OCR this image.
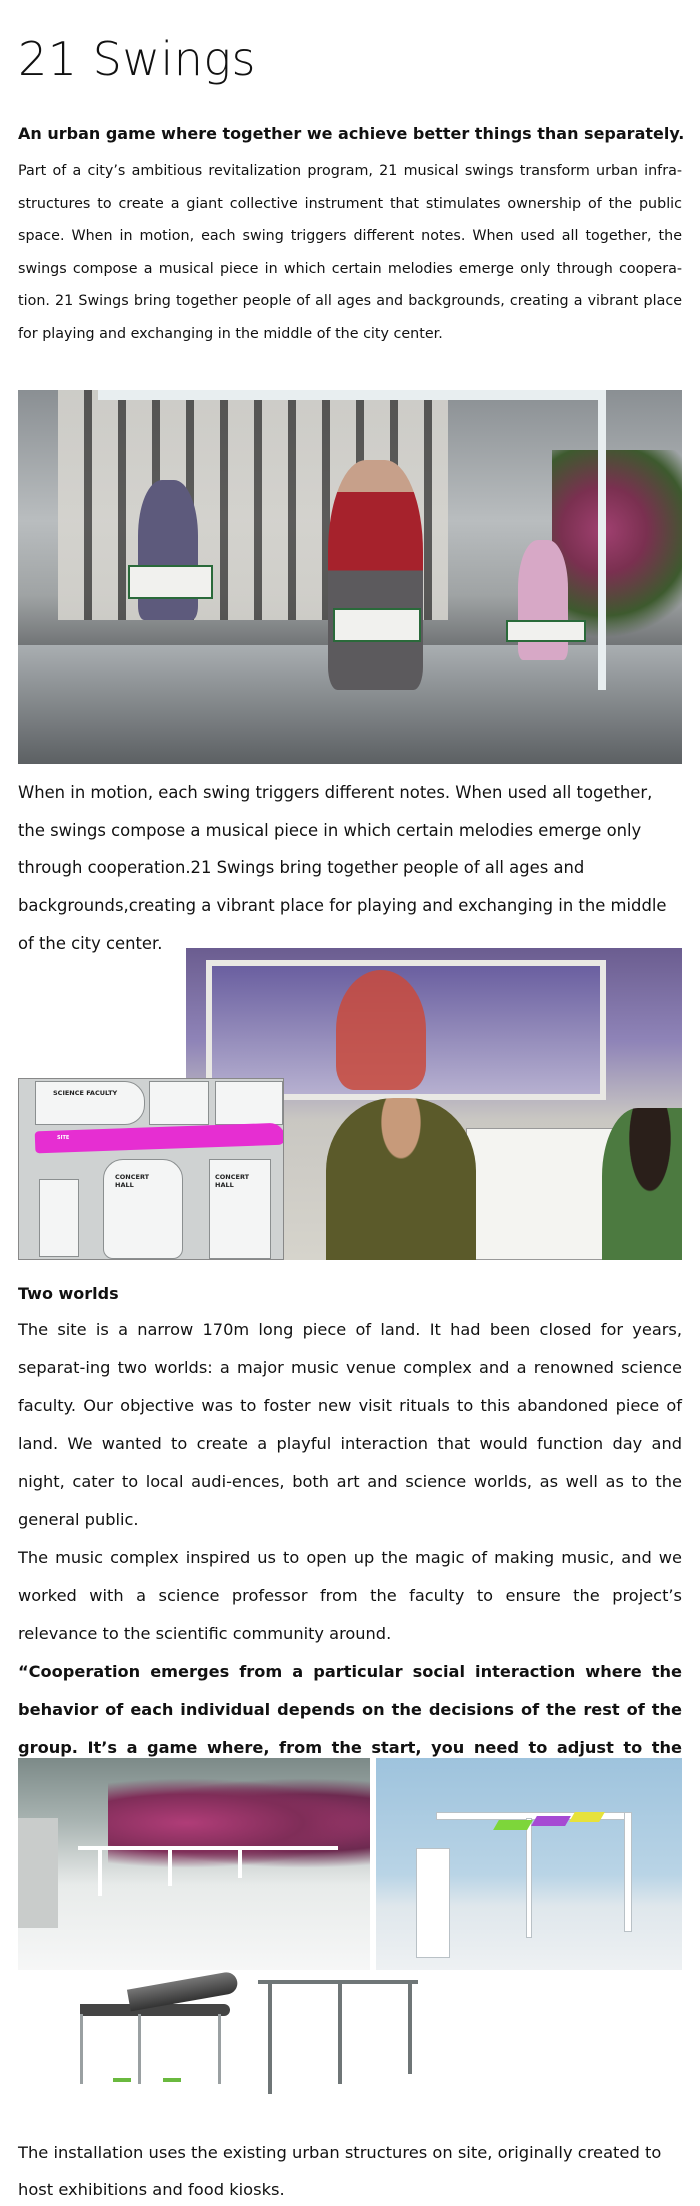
21 Swings
An urban game where together we achieve better things than separately.
Part of a city’s ambitious revitalization program, 21 musical swings transform urban infra-structures to create a giant collective instrument that stimulates ownership of the public space. When in motion, each swing triggers different notes. When used all together, the swings compose a musical piece in which certain melodies emerge only through coopera-tion. 21 Swings bring together people of all ages and backgrounds, creating a vibrant place for playing and exchanging in the middle of the city center.
When in motion, each swing triggers different notes. When used all together, the swings compose a musical piece in which certain melodies emerge only through cooperation.21 Swings bring together people of all ages and backgrounds,creating a vibrant place for playing and exchanging in the middle of the city center.
SCIENCE FACULTY
SITE
CONCERT HALL
CONCERT HALL
Two worlds
The site is a narrow 170m long piece of land. It had been closed for years, separat-ing two worlds: a major music venue complex and a renowned science faculty. Our objective was to foster new visit rituals to this abandoned piece of land. We wanted to create a playful interaction that would function day and night, cater to local audi-ences, both art and science worlds, as well as to the general public.
The music complex inspired us to open up the magic of making music, and we worked with a science professor from the faculty to ensure the project’s relevance to the scientific community around.
“Cooperation emerges from a particular social interaction where the behavior of each individual depends on the decisions of the rest of the group. It’s a game where, from the start, you need to adjust to the
The installation uses the existing urban structures on site, originally created to host exhibitions and food kiosks.
